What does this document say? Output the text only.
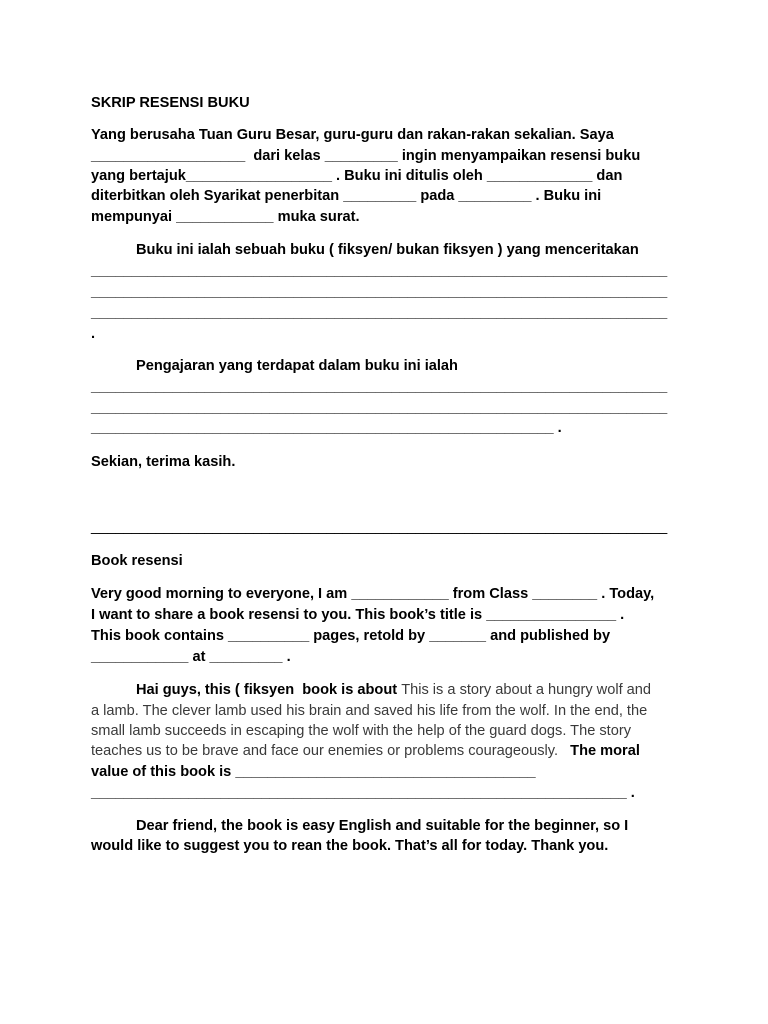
SKRIP RESENSI BUKU
Yang berusaha Tuan Guru Besar, guru-guru dan rakan-rakan sekalian. Saya
___________________  dari kelas _________ ingin menyampaikan resensi buku
yang bertajuk__________________ . Buku ini ditulis oleh _____________ dan
diterbitkan oleh Syarikat penerbitan _________ pada _________ . Buku ini
mempunyai ____________ muka surat.
Buku ini ialah sebuah buku ( fiksyen/ bukan fiksyen ) yang menceritakan
_______________________________________________________________________
_______________________________________________________________________
_______________________________________________________________________
.
Pengajaran yang terdapat dalam buku ini ialah
_______________________________________________________________________
_______________________________________________________________________
_________________________________________________________ .
Sekian, terima kasih.
_______________________________________________________________________
Book resensi
Very good morning to everyone, I am ____________ from Class ________ . Today,
I want to share a book resensi to you. This book’s title is ________________ .
This book contains __________ pages, retold by _______ and published by
____________ at _________ .
Hai guys, this ( fiksyen  book is about This is a story about a hungry wolf and
a lamb. The clever lamb used his brain and saved his life from the wolf. In the end, the
small lamb succeeds in escaping the wolf with the help of the guard dogs. The story
teaches us to be brave and face our enemies or problems courageously. The moral
value of this book is _____________________________________
__________________________________________________________________ .
Dear friend, the book is easy English and suitable for the beginner, so I
would like to suggest you to rean the book. That’s all for today. Thank you.
